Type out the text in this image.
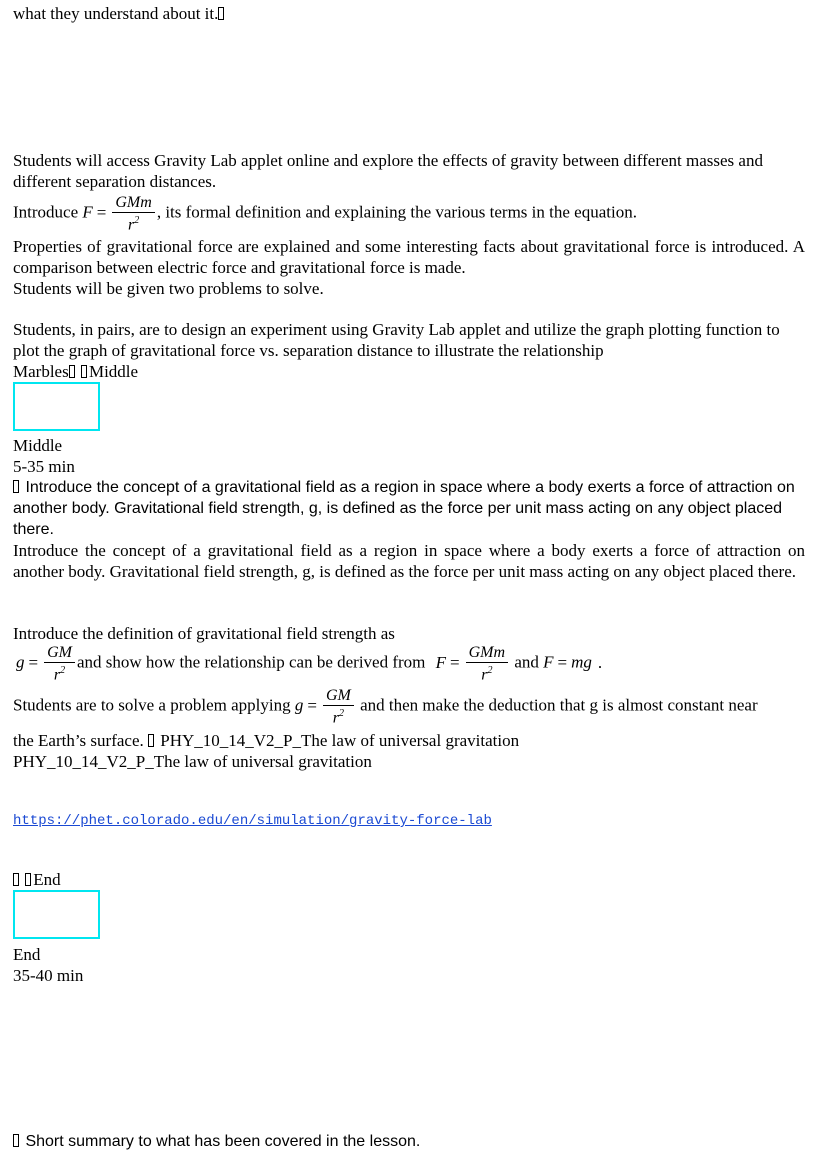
what they understand about it.
Students will access Gravity Lab applet online and explore the effects of gravity between different masses and different separation distances.
Introduce $F = \frac{\text{GMm}}{r^2}$ , its formal definition and explaining the various terms in the equation.
Properties of gravitational force are explained and some interesting facts about gravitational force is introduced. A comparison between electric force and gravitational force is made.
Students will be given two problems to solve.
Students, in pairs, are to design an experiment using Gravity Lab applet and utilize the graph plotting function to plot the graph of gravitational force vs. separation distance to illustrate the relationship
Marbles Middle
Middle
5-35 min
Introduce the concept of a gravitational field as a region in space where a body exerts a force of attraction on another body. Gravitational field strength, g, is defined as the force per unit mass acting on any object placed there.
Introduce the concept of a gravitational field as a region in space where a body exerts a force of attraction on another body. Gravitational field strength, g, is defined as the force per unit mass acting on any object placed there.
Introduce the definition of gravitational field strength as
$g = \frac{GM}{r^2}$ and show how the relationship can be derived from $F = \frac{\text{GMm}}{r^2}$ and F = mg .
Students are to solve a problem applying $g = \frac{GM}{r^2}$ and then make the deduction that g is almost constant near
the Earth’s surface. PHY_10_14_V2_P_The law of universal gravitation
PHY_10_14_V2_P_The law of universal gravitation
https://phet.colorado.edu/en/simulation/gravity-force-lab
End
End
35-40 min
Short summary to what has been covered in the lesson.
